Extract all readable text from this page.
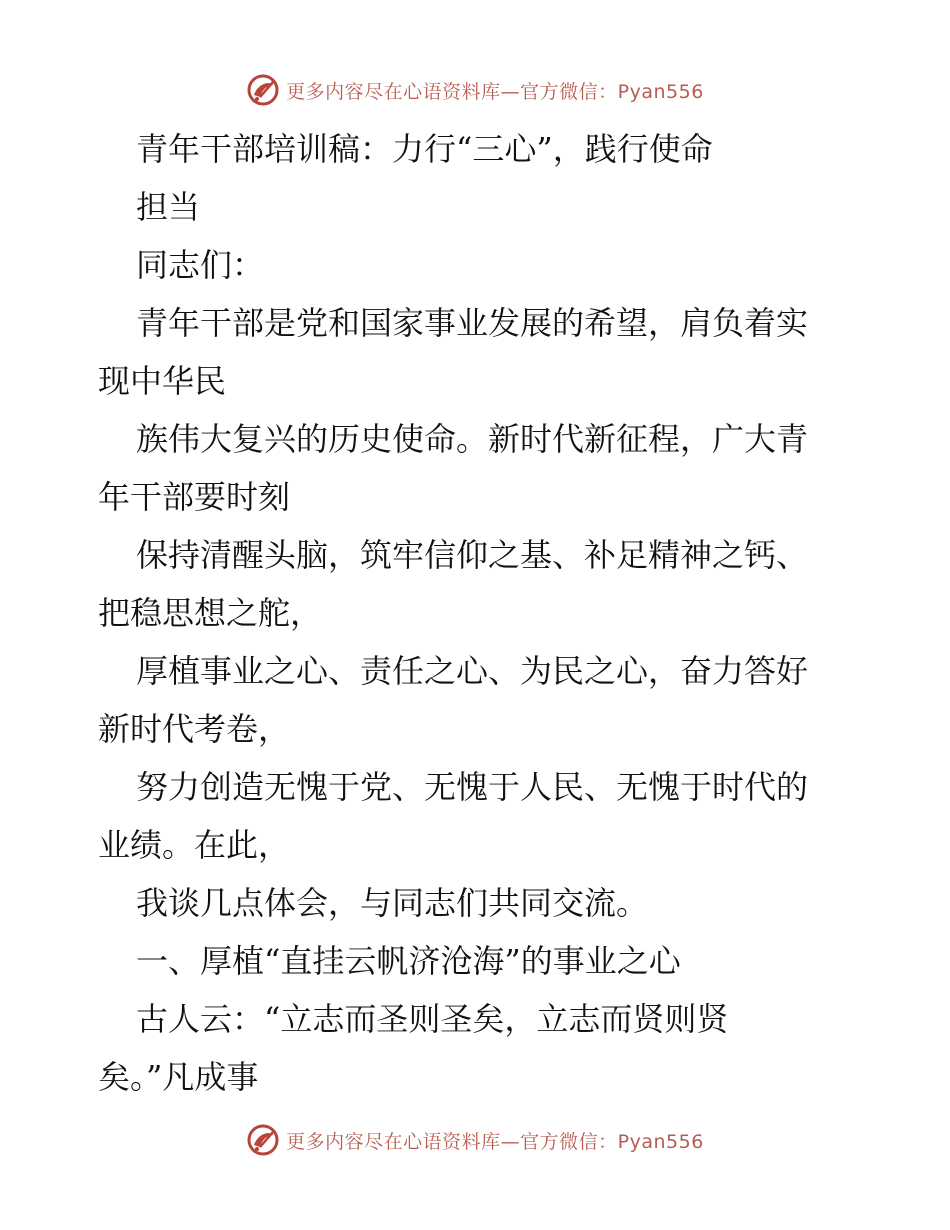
更多内容尽在心语资料库—官方微信：Pyan556
青年干部培训稿：力行“三心”，践行使命
担当
同志们：
青年干部是党和国家事业发展的希望，肩负着实
现中华民
族伟大复兴的历史使命。新时代新征程，广大青
年干部要时刻
保持清醒头脑，筑牢信仰之基、补足精神之钙、
把稳思想之舵，
厚植事业之心、责任之心、为民之心，奋力答好
新时代考卷，
努力创造无愧于党、无愧于人民、无愧于时代的
业绩。在此，
我谈几点体会，与同志们共同交流。
一、厚植“直挂云帆济沧海”的事业之心
古人云：“立志而圣则圣矣，立志而贤则贤
矣。”凡成事
更多内容尽在心语资料库—官方微信：Pyan556
